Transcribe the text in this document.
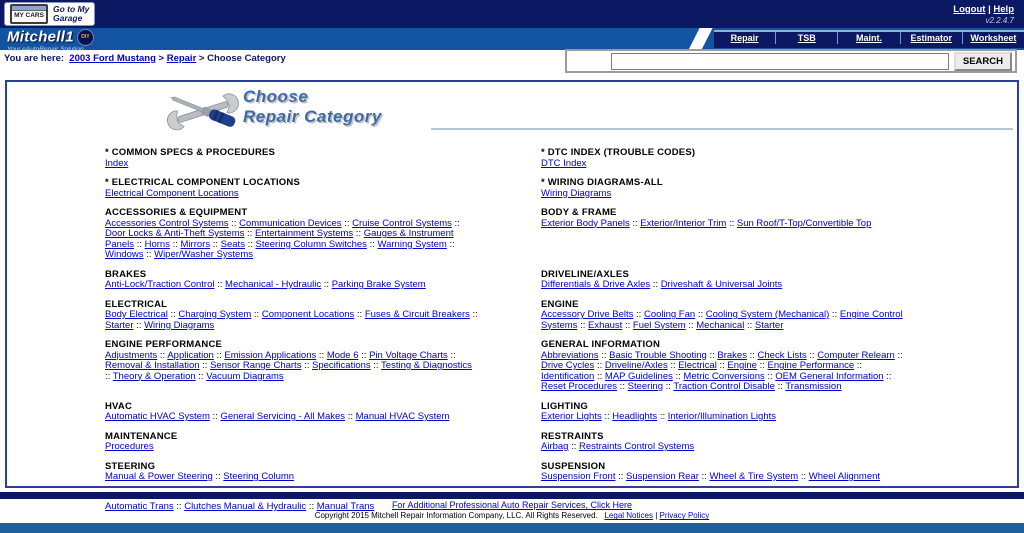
MY CARS
Go to My
Garage
Logout | Help
v2.2.4.7
Mitchell1 DIY
Your eAutoRepair Solution
Repair	TSB	Maint.	Estimator Worksheet
You are here: 2003 Ford Mustang > Repair > Choose Category	SEARCH
Choose
Repair Category
* COMMON SPECS & PROCEDURES
Index
* DTC INDEX (TROUBLE CODES)
DTC Index
* ELECTRICAL COMPONENT LOCATIONS
Electrical Component Locations
* WIRING DIAGRAMS-ALL
Wiring Diagrams
ACCESSORIES & EQUIPMENT
Accessories Control Systems :: Communication Devices :: Cruise Control Systems :: Door Locks & Anti-Theft Systems :: Entertainment Systems :: Gauges & Instrument Panels :: Horns :: Mirrors :: Seats :: Steering Column Switches :: Warning System :: Windows :: Wiper/Washer Systems
BODY & FRAME
Exterior Body Panels :: Exterior/Interior Trim :: Sun Roof/T-Top/Convertible Top
BRAKES
Anti-Lock/Traction Control :: Mechanical - Hydraulic :: Parking Brake System
DRIVELINE/AXLES
Differentials & Drive Axles :: Driveshaft & Universal Joints
ELECTRICAL
Body Electrical :: Charging System :: Component Locations :: Fuses & Circuit Breakers :: Starter :: Wiring Diagrams
ENGINE
Accessory Drive Belts :: Cooling Fan :: Cooling System (Mechanical) :: Engine Control Systems :: Exhaust :: Fuel System :: Mechanical :: Starter
ENGINE PERFORMANCE
Adjustments :: Application :: Emission Applications :: Mode 6 :: Pin Voltage Charts :: Removal & Installation :: Sensor Range Charts :: Specifications :: Testing & Diagnostics :: Theory & Operation :: Vacuum Diagrams
GENERAL INFORMATION
Abbreviations :: Basic Trouble Shooting :: Brakes :: Check Lists :: Computer Relearn :: Drive Cycles :: Driveline/Axles :: Electrical :: Engine :: Engine Performance :: Identification :: MAP Guidelines :: Metric Conversions :: OEM General Information :: Reset Procedures :: Steering :: Traction Control Disable :: Transmission
HVAC
Automatic HVAC System :: General Servicing - All Makes :: Manual HVAC System
LIGHTING
Exterior Lights :: Headlights :: Interior/Illumination Lights
MAINTENANCE
Procedures
RESTRAINTS
Airbag :: Restraints Control Systems
STEERING
Manual & Power Steering :: Steering Column
SUSPENSION
Suspension Front :: Suspension Rear :: Wheel & Tire System :: Wheel Alignment
Automatic Trans :: Clutches Manual & Hydraulic :: Manual Trans	For Additional Professional Auto Repair Services, Click Here
Copyright 2015 Mitchell Repair Information Company, LLC. All Rights Reserved. Legal Notices | Privacy Policy
